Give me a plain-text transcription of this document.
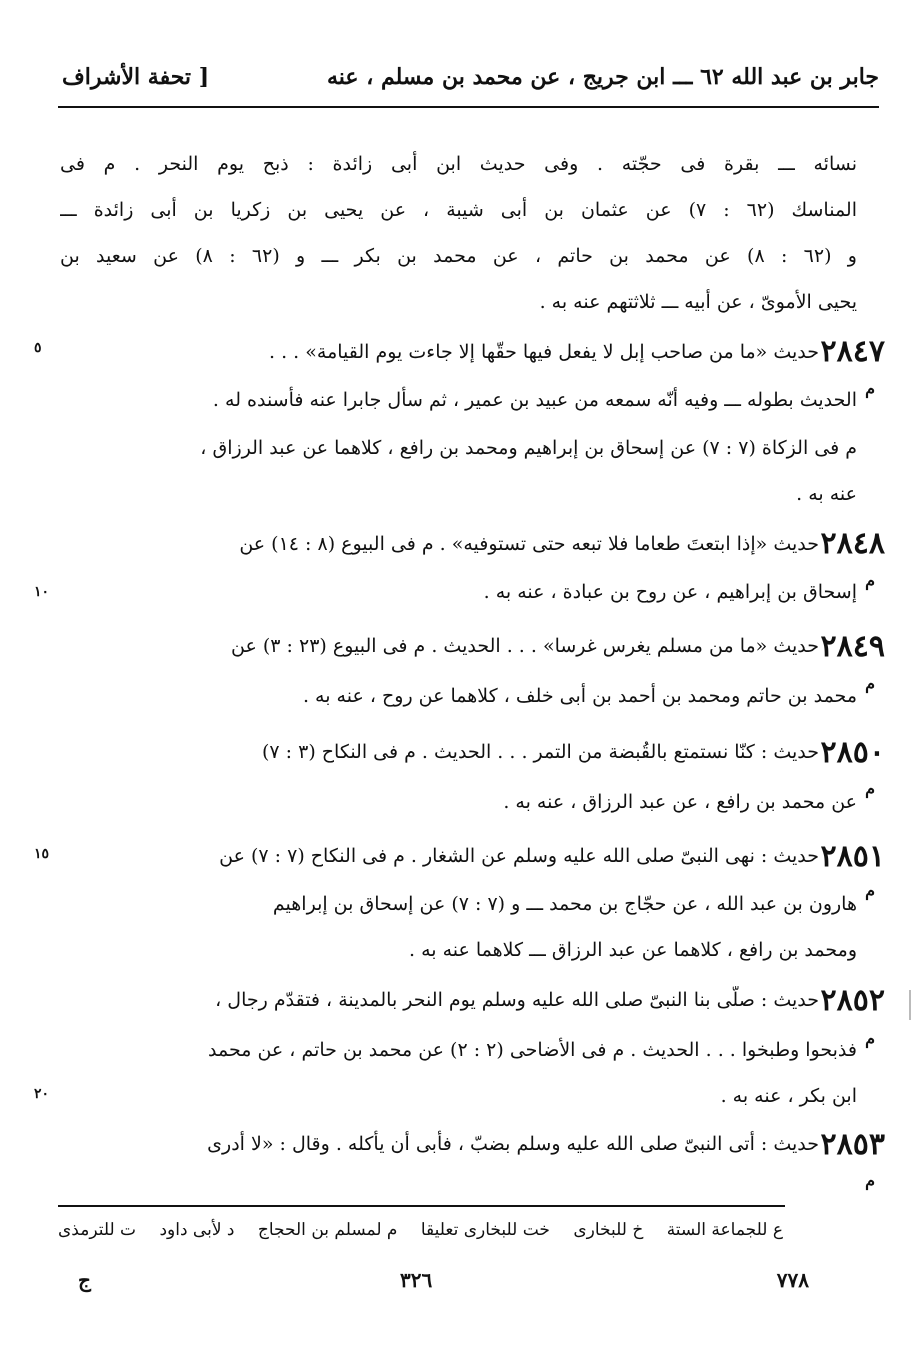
جابر بن عبد الله ٦٢ ـــ ابن جريج ، عن محمد بن مسلم ، عنه
[ تحفة الأشراف
نسائه ـــ بقرة فى حجّته . وفى حديث ابن أبى زائدة : ذبح يوم النحر . م فى
المناسك (٦٢ : ٧) عن عثمان بن أبى شيبة ، عن يحيى بن زكريا بن أبى زائدة ـــ
و (٦٢ : ٨) عن محمد بن حاتم ، عن محمد بن بكر ـــ و (٦٢ : ٨) عن سعيد بن
يحيى الأموىّ ، عن أبيه ـــ ثلاثتهم عنه به .
٢٨٤٧
م
٥	حديث «ما من صاحب إبل لا يفعل فيها حقّها إلا جاءت يوم القيامة» . . .
الحديث بطوله ـــ وفيه أنّه سمعه من عبيد بن عمير ، ثم سأل جابرا عنه فأسنده له .
م فى الزكاة (٧ : ٧) عن إسحاق بن إبراهيم ومحمد بن رافع ، كلاهما عن عبد الرزاق ،
عنه به .
٢٨٤٨
م
١٠
حديث «إذا ابتعتَ طعاما فلا تبعه حتى تستوفيه» . م فى البيوع (٨ : ١٤) عن
إسحاق بن إبراهيم ، عن روح بن عبادة ، عنه به .
٢٨٤٩
م
حديث «ما من مسلم يغرس غرسا» . . . الحديث . م فى البيوع (٢٣ : ٣) عن
محمد بن حاتم ومحمد بن أحمد بن أبى خلف ، كلاهما عن روح ، عنه به .
٢٨٥٠
م
حديث : كنّا نستمتع بالقُبضة من التمر . . . الحديث . م فى النكاح (٣ : ٧)
عن محمد بن رافع ، عن عبد الرزاق ، عنه به .
٢٨٥١
م
١٥	حديث : نهى النبىّ صلى الله عليه وسلم عن الشغار . م فى النكاح (٧ : ٧) عن
هارون بن عبد الله ، عن حجّاج بن محمد ـــ و (٧ : ٧) عن إسحاق بن إبراهيم
ومحمد بن رافع ، كلاهما عن عبد الرزاق ـــ كلاهما عنه به .
٢٨٥٢
م
٢٠
حديث : صلّى بنا النبىّ صلى الله عليه وسلم يوم النحر بالمدينة ، فتقدّم رجال ،
فذبحوا وطبخوا . . . الحديث . م فى الأضاحى (٢ : ٢) عن محمد بن حاتم ، عن محمد
ابن بكر ، عنه به .
٢٨٥٣
م
حديث : أتى النبىّ صلى الله عليه وسلم بضبّ ، فأبى أن يأكله . وقال : «لا أدرى
ع للجماعة الستة
خ للبخارى
خت للبخارى تعليقا
م لمسلم بن الحجاج
د لأبى داود
ت للترمذى
٧٧٨
٣٢٦
ج
